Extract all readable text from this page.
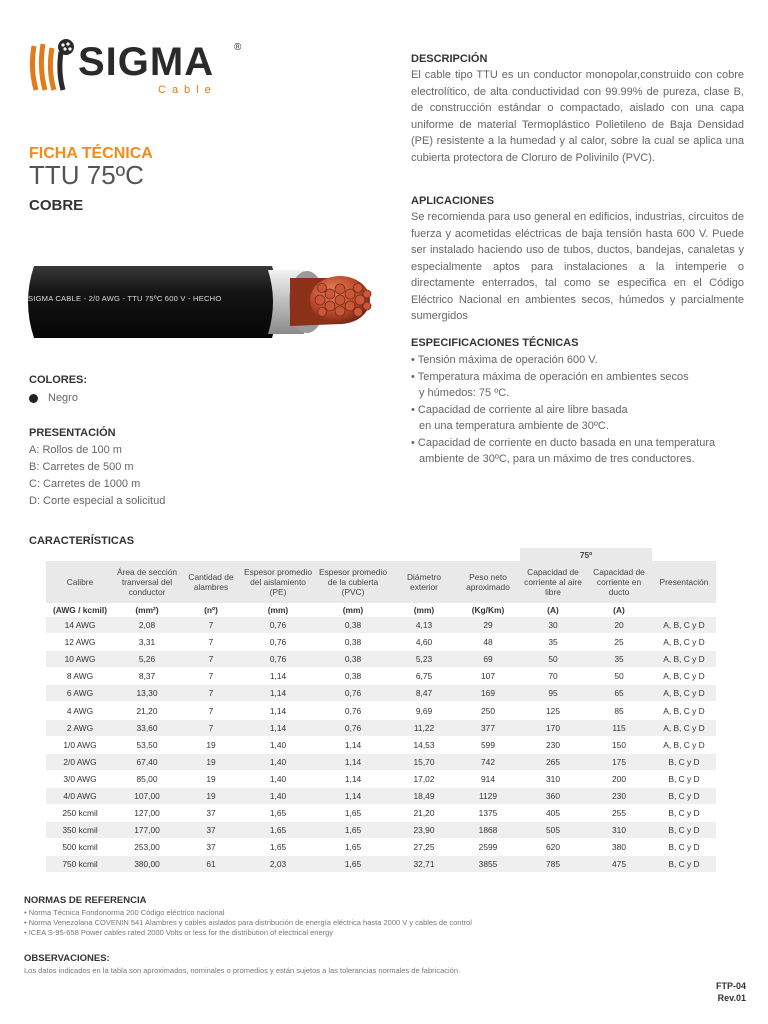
SIGMA ®
Cable
FICHA TÉCNICA
TTU 75ºC
COBRE
SIGMA CABLE - 2/0 AWG - TTU 75ºC 600 V - HECHO
COLORES:
Negro
PRESENTACIÓN
A: Rollos de 100 m
B: Carretes de 500 m
C: Carretes de 1000 m
D: Corte especial a solicitud
DESCRIPCIÓN
El cable tipo TTU es un conductor monopolar,construido con cobre electrolítico, de alta conductividad con 99.99% de pureza, clase B, de construcción estándar o compactado, aislado con una capa uniforme de material Termoplástico Polietileno de Baja Densidad (PE) resistente a la humedad y al calor, sobre la cual se aplica una cubierta protectora de Cloruro de Polivinilo (PVC).
APLICACIONES
Se recomienda para uso general en edificios, industrias, circuitos de fuerza y acometidas eléctricas de baja tensión hasta 600 V. Puede ser instalado haciendo uso de tubos, ductos, bandejas, canaletas y especialmente aptos para instalaciones a la intemperie o directamente enterrados, tal como se especifica en el Código Eléctrico Nacional en ambientes secos, húmedos y parcialmente sumergidos
ESPECIFICACIONES TÉCNICAS
• Tensión máxima de operación 600 V.
• Temperatura máxima de operación en ambientes secos
y húmedos: 75 ºC.
• Capacidad de corriente al aire libre basada
en una temperatura ambiente de 30ºC.
• Capacidad de corriente en ducto basada en una temperatura
ambiente de 30ºC, para un máximo de tres conductores.
CARACTERÍSTICAS
							75º		
Calibre	Área de sección tranversal del conductor	Cantidad de alambres	Espesor promedio del aislamiento (PE)	Espesor promedio de la cubierta (PVC)	Diámetro exterior	Peso neto aproximado	Capacidad de corriente al aire libre	Capacidad de corriente en ducto	Presentación
(AWG / kcmil)	(mm²)	(nº)	(mm)	(mm)	(mm)	(Kg/Km)	(A)	(A)	
14 AWG	2,08	7	0,76	0,38	4,13	29	30	20	A, B, C y D
12 AWG	3,31	7	0,76	0,38	4,60	48	35	25	A, B, C y D
10 AWG	5,26	7	0,76	0,38	5,23	69	50	35	A, B, C y D
8 AWG	8,37	7	1,14	0,38	6,75	107	70	50	A, B, C y D
6 AWG	13,30	7	1,14	0,76	8,47	169	95	65	A, B, C y D
4 AWG	21,20	7	1,14	0,76	9,69	250	125	85	A, B, C y D
2 AWG	33,60	7	1,14	0,76	11,22	377	170	115	A, B, C y D
1/0 AWG	53,50	19	1,40	1,14	14,53	599	230	150	A, B, C y D
2/0 AWG	67,40	19	1,40	1,14	15,70	742	265	175	B, C y D
3/0 AWG	85,00	19	1,40	1,14	17,02	914	310	200	B, C y D
4/0 AWG	107,00	19	1,40	1,14	18,49	1129	360	230	B, C y D
250 kcmil	127,00	37	1,65	1,65	21,20	1375	405	255	B, C y D
350 kcmil	177,00	37	1,65	1,65	23,90	1868	505	310	B, C y D
500 kcmil	253,00	37	1,65	1,65	27,25	2599	620	380	B, C y D
750 kcmil	380,00	61	2,03	1,65	32,71	3855	785	475	B, C y D
NORMAS DE REFERENCIA
• Norma Técnica Fondonorma 200 Código eléctrico nacional
• Norma Venezolana COVENIN 541 Alambres y cables aislados para distribución de energía eléctrica hasta 2000 V y cables de control
• ICEA S-95-658 Power cables rated 2000 Volts or less for the distribution of electrical energy
OBSERVACIONES:
Los datos indicados en la tabla son aproximados, nominales o promedios y están sujetos a las tolerancias normales de fabricación.
FTP-04
Rev.01
